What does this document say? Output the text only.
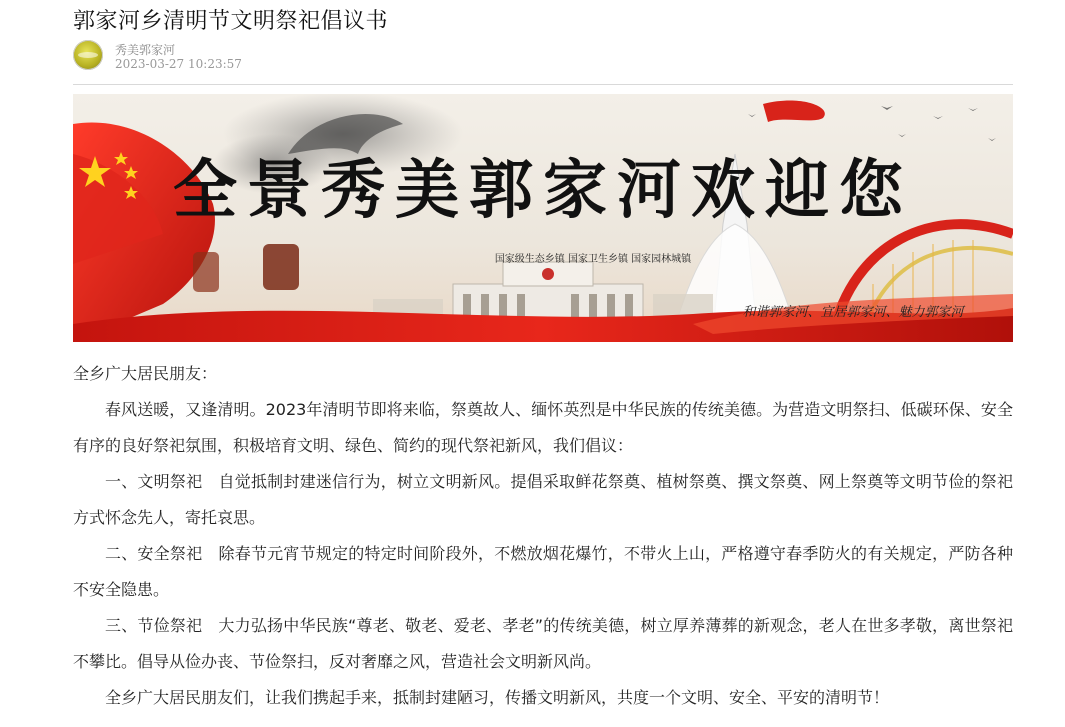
郭家河乡清明节文明祭祀倡议书
秀美郭家河
2023-03-27 10:23:57
全景秀美郭家河欢迎您
国家级生态乡镇 国家卫生乡镇 国家园林城镇
和谐郭家河、宜居郭家河、魅力郭家河

全乡广大居民朋友：

春风送暖，又逢清明。2023年清明节即将来临，祭奠故人、缅怀英烈是中华民族的传统美德。为营造文明祭扫、低碳环保、安全有序的良好祭祀氛围，积极培育文明、绿色、简约的现代祭祀新风，我们倡议：

一、文明祭祀　自觉抵制封建迷信行为，树立文明新风。提倡采取鲜花祭奠、植树祭奠、撰文祭奠、网上祭奠等文明节俭的祭祀方式怀念先人，寄托哀思。

二、安全祭祀　除春节元宵节规定的特定时间阶段外，不燃放烟花爆竹，不带火上山，严格遵守春季防火的有关规定，严防各种不安全隐患。

三、节俭祭祀　大力弘扬中华民族“尊老、敬老、爱老、孝老”的传统美德，树立厚养薄葬的新观念，老人在世多孝敬，离世祭祀不攀比。倡导从俭办丧、节俭祭扫，反对奢靡之风，营造社会文明新风尚。

全乡广大居民朋友们，让我们携起手来，抵制封建陋习，传播文明新风，共度一个文明、安全、平安的清明节！
